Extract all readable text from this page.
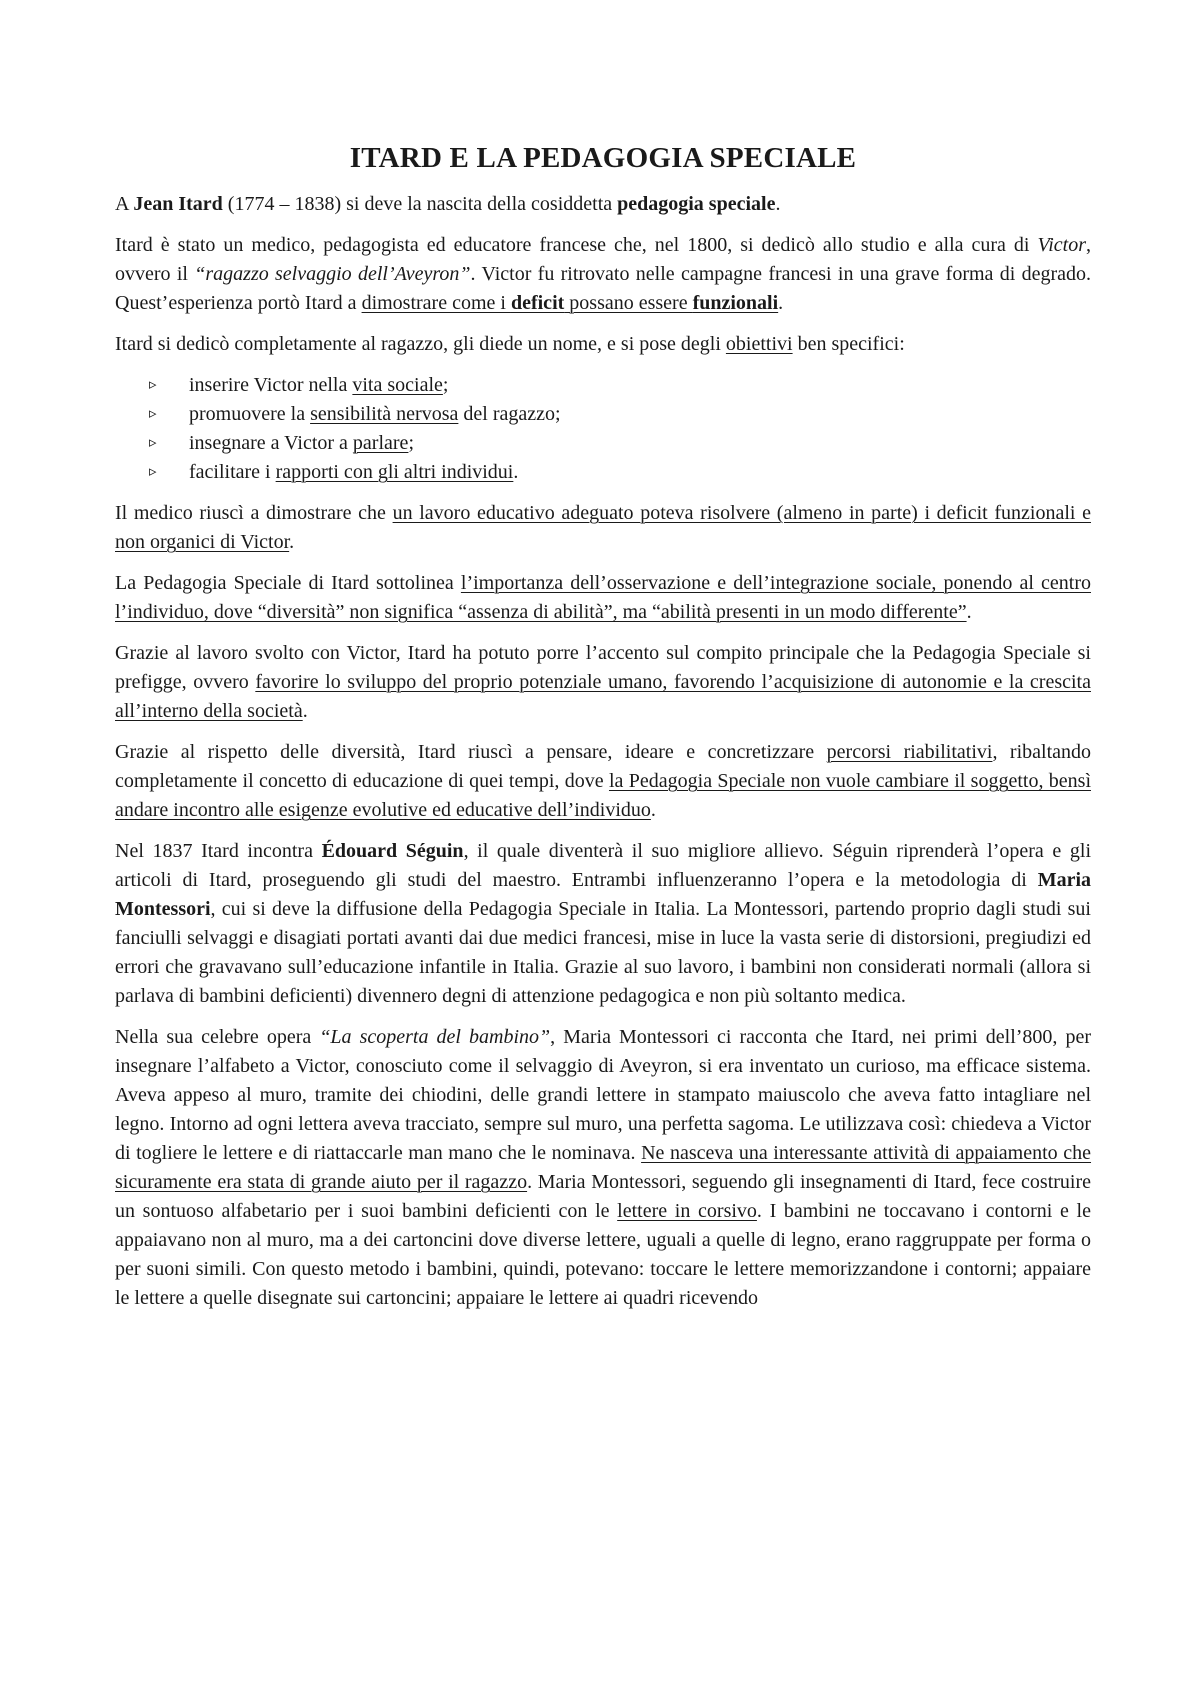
ITARD E LA PEDAGOGIA SPECIALE

A Jean Itard (1774 – 1838) si deve la nascita della cosiddetta pedagogia speciale.

Itard è stato un medico, pedagogista ed educatore francese che, nel 1800, si dedicò allo studio e alla cura di Victor, ovvero il “ragazzo selvaggio dell’Aveyron”. Victor fu ritrovato nelle campagne francesi in una grave forma di degrado. Quest’esperienza portò Itard a dimostrare come i deficit possano essere funzionali.

Itard si dedicò completamente al ragazzo, gli diede un nome, e si pose degli obiettivi ben specifici:

▹ inserire Victor nella vita sociale;
▹ promuovere la sensibilità nervosa del ragazzo;
▹ insegnare a Victor a parlare;
▹ facilitare i rapporti con gli altri individui.

Il medico riuscì a dimostrare che un lavoro educativo adeguato poteva risolvere (almeno in parte) i deficit funzionali e non organici di Victor.

La Pedagogia Speciale di Itard sottolinea l’importanza dell’osservazione e dell’integrazione sociale, ponendo al centro l’individuo, dove “diversità” non significa “assenza di abilità”, ma “abilità presenti in un modo differente”.

Grazie al lavoro svolto con Victor, Itard ha potuto porre l’accento sul compito principale che la Pedagogia Speciale si prefigge, ovvero favorire lo sviluppo del proprio potenziale umano, favorendo l’acquisizione di autonomie e la crescita all’interno della società.

Grazie al rispetto delle diversità, Itard riuscì a pensare, ideare e concretizzare percorsi riabilitativi, ribaltando completamente il concetto di educazione di quei tempi, dove la Pedagogia Speciale non vuole cambiare il soggetto, bensì andare incontro alle esigenze evolutive ed educative dell’individuo.

Nel 1837 Itard incontra Édouard Séguin, il quale diventerà il suo migliore allievo. Séguin riprenderà l’opera e gli articoli di Itard, proseguendo gli studi del maestro. Entrambi influenzeranno l’opera e la metodologia di Maria Montessori, cui si deve la diffusione della Pedagogia Speciale in Italia. La Montessori, partendo proprio dagli studi sui fanciulli selvaggi e disagiati portati avanti dai due medici francesi, mise in luce la vasta serie di distorsioni, pregiudizi ed errori che gravavano sull’educazione infantile in Italia. Grazie al suo lavoro, i bambini non considerati normali (allora si parlava di bambini deficienti) divennero degni di attenzione pedagogica e non più soltanto medica.

Nella sua celebre opera “La scoperta del bambino”, Maria Montessori ci racconta che Itard, nei primi dell’800, per insegnare l’alfabeto a Victor, conosciuto come il selvaggio di Aveyron, si era inventato un curioso, ma efficace sistema. Aveva appeso al muro, tramite dei chiodini, delle grandi lettere in stampato maiuscolo che aveva fatto intagliare nel legno. Intorno ad ogni lettera aveva tracciato, sempre sul muro, una perfetta sagoma. Le utilizzava così: chiedeva a Victor di togliere le lettere e di riattaccarle man mano che le nominava. Ne nasceva una interessante attività di appaiamento che sicuramente era stata di grande aiuto per il ragazzo. Maria Montessori, seguendo gli insegnamenti di Itard, fece costruire un sontuoso alfabetario per i suoi bambini deficienti con le lettere in corsivo. I bambini ne toccavano i contorni e le appaiavano non al muro, ma a dei cartoncini dove diverse lettere, uguali a quelle di legno, erano raggruppate per forma o per suoni simili. Con questo metodo i bambini, quindi, potevano: toccare le lettere memorizzandone i contorni; appaiare le lettere a quelle disegnate sui cartoncini; appaiare le lettere ai quadri ricevendo
